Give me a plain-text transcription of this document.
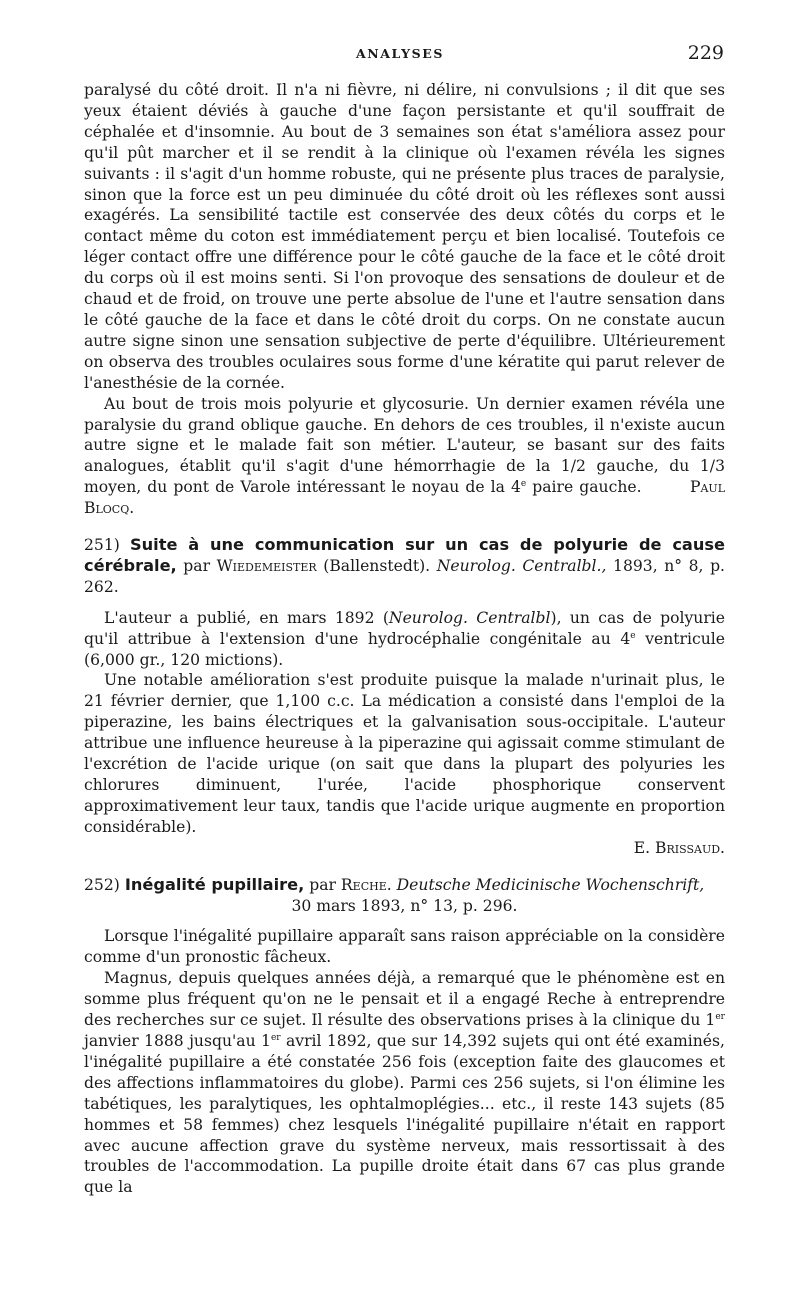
ANALYSES	229

paralysé du côté droit. Il n'a ni fièvre, ni délire, ni convulsions ; il dit que ses yeux étaient déviés à gauche d'une façon persistante et qu'il souffrait de céphalée et d'insomnie. Au bout de 3 semaines son état s'améliora assez pour qu'il pût marcher et il se rendit à la clinique où l'examen révéla les signes suivants : il s'agit d'un homme robuste, qui ne présente plus traces de paralysie, sinon que la force est un peu diminuée du côté droit où les réflexes sont aussi exagérés. La sensibilité tactile est conservée des deux côtés du corps et le contact même du coton est immédiatement perçu et bien localisé. Toutefois ce léger contact offre une différence pour le côté gauche de la face et le côté droit du corps où il est moins senti. Si l'on provoque des sensations de douleur et de chaud et de froid, on trouve une perte absolue de l'une et l'autre sensation dans le côté gauche de la face et dans le côté droit du corps. On ne constate aucun autre signe sinon une sensation subjective de perte d'équilibre. Ultérieurement on observa des troubles oculaires sous forme d'une kératite qui parut relever de l'anesthésie de la cornée.

Au bout de trois mois polyurie et glycosurie. Un dernier examen révéla une paralysie du grand oblique gauche. En dehors de ces troubles, il n'existe aucun autre signe et le malade fait son métier. L'auteur, se basant sur des faits analogues, établit qu'il s'agit d'une hémorrhagie de la 1/2 gauche, du 1/3 moyen, du pont de Varole intéressant le noyau de la 4e paire gauche.	Paul Blocq.

251) Suite à une communication sur un cas de polyurie de cause cérébrale, par Wiedemeister (Ballenstedt). Neurolog. Centralbl., 1893, n° 8, p. 262.

L'auteur a publié, en mars 1892 (Neurolog. Centralbl), un cas de polyurie qu'il attribue à l'extension d'une hydrocéphalie congénitale au 4e ventricule (6,000 gr., 120 mictions).

Une notable amélioration s'est produite puisque la malade n'urinait plus, le 21 février dernier, que 1,100 c.c. La médication a consisté dans l'emploi de la piperazine, les bains électriques et la galvanisation sous-occipitale. L'auteur attribue une influence heureuse à la piperazine qui agissait comme stimulant de l'excrétion de l'acide urique (on sait que dans la plupart des polyuries les chlorures diminuent, l'urée, l'acide phosphorique conservent approximativement leur taux, tandis que l'acide urique augmente en proportion considérable).

E. Brissaud.

252) Inégalité pupillaire, par Reche. Deutsche Medicinische Wochenschrift,

30 mars 1893, n° 13, p. 296.

Lorsque l'inégalité pupillaire apparaît sans raison appréciable on la considère comme d'un pronostic fâcheux.

Magnus, depuis quelques années déjà, a remarqué que le phénomène est en somme plus fréquent qu'on ne le pensait et il a engagé Reche à entreprendre des recherches sur ce sujet. Il résulte des observations prises à la clinique du 1er janvier 1888 jusqu'au 1er avril 1892, que sur 14,392 sujets qui ont été examinés, l'inégalité pupillaire a été constatée 256 fois (exception faite des glaucomes et des affections inflammatoires du globe). Parmi ces 256 sujets, si l'on élimine les tabétiques, les paralytiques, les ophtalmoplégies... etc., il reste 143 sujets (85 hommes et 58 femmes) chez lesquels l'inégalité pupillaire n'était en rapport avec aucune affection grave du système nerveux, mais ressortissait à des troubles de l'accommodation. La pupille droite était dans 67 cas plus grande que la
